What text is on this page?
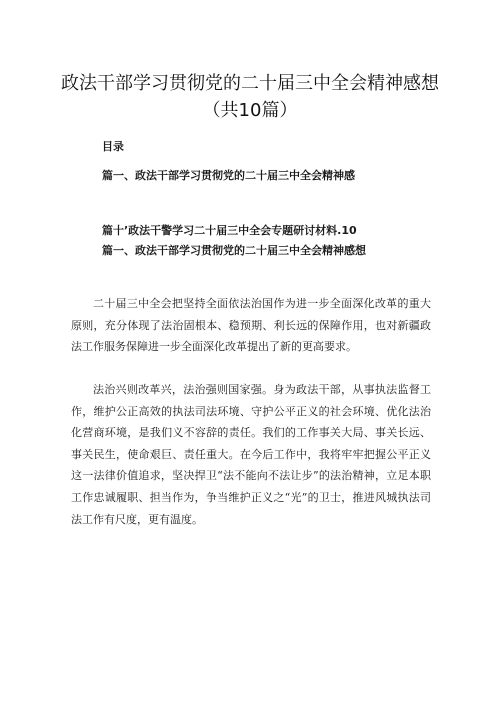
政法干部学习贯彻党的二十届三中全会精神感想（共10篇）

目录

篇一、政法干部学习贯彻党的二十届三中全会精神感

篇十’政法干警学习二十届三中全会专题研讨材料.10

篇一、政法干部学习贯彻党的二十届三中全会精神感想

二十届三中全会把坚持全面依法治国作为进一步全面深化改革的重大原则，充分体现了法治固根本、稳预期、利长远的保障作用，也对新疆政法工作服务保障进一步全面深化改革提出了新的更高要求。

法治兴则改革兴，法治强则国家强。身为政法干部，从事执法监督工作，维护公正高效的执法司法环境、守护公平正义的社会环境、优化法治化营商环境，是我们义不容辞的责任。我们的工作事关大局、事关长远、事关民生，使命艰巨、责任重大。在今后工作中，我将牢牢把握公平正义这一法律价值追求，坚决捍卫“法不能向不法让步”的法治精神，立足本职工作忠诚履职、担当作为，争当维护正义之“光”的卫士，推进风城执法司法工作有尺度，更有温度。
